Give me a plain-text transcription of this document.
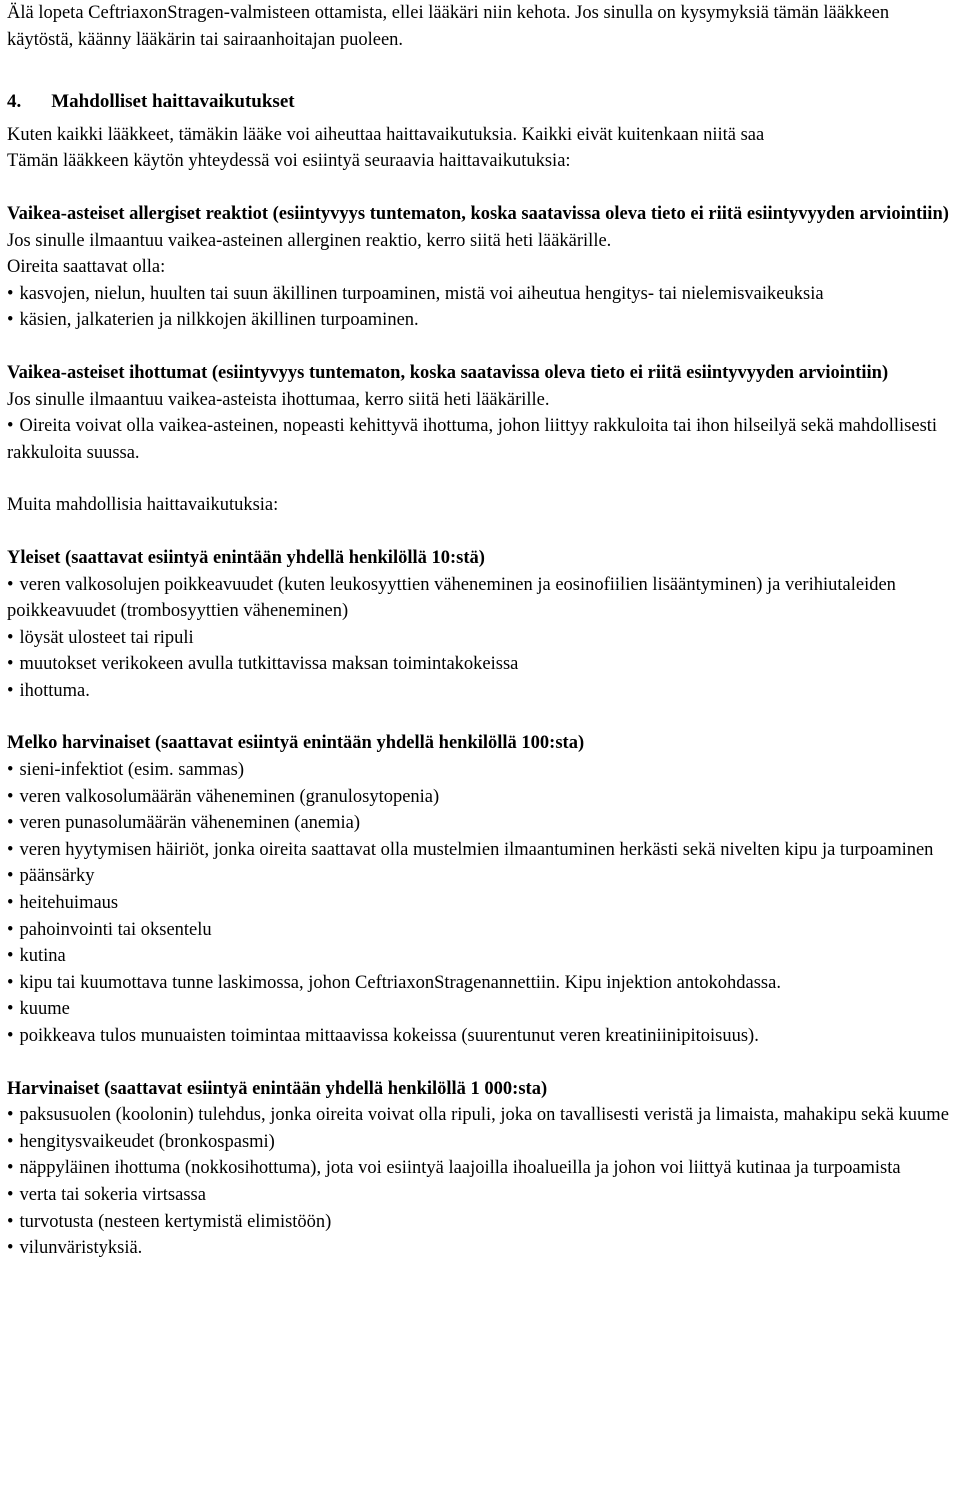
Älä lopeta CeftriaxonStragen-valmisteen ottamista, ellei lääkäri niin kehota. Jos sinulla on kysymyksiä tämän lääkkeen käytöstä, käänny lääkärin tai sairaanhoitajan puoleen.

4. Mahdolliset haittavaikutukset

Kuten kaikki lääkkeet, tämäkin lääke voi aiheuttaa haittavaikutuksia. Kaikki eivät kuitenkaan niitä saa

Tämän lääkkeen käytön yhteydessä voi esiintyä seuraavia haittavaikutuksia:

Vaikea-asteiset allergiset reaktiot (esiintyvyys tuntematon, koska saatavissa oleva tieto ei riitä esiintyvyyden arviointiin)

Jos sinulle ilmaantuu vaikea-asteinen allerginen reaktio, kerro siitä heti lääkärille.

Oireita saattavat olla:

• kasvojen, nielun, huulten tai suun äkillinen turpoaminen, mistä voi aiheutua hengitys- tai nielemisvaikeuksia
• käsien, jalkaterien ja nilkkojen äkillinen turpoaminen.

Vaikea-asteiset ihottumat (esiintyvyys tuntematon, koska saatavissa oleva tieto ei riitä esiintyvyyden arviointiin)

Jos sinulle ilmaantuu vaikea-asteista ihottumaa, kerro siitä heti lääkärille.

• Oireita voivat olla vaikea-asteinen, nopeasti kehittyvä ihottuma, johon liittyy rakkuloita tai ihon hilseilyä sekä mahdollisesti rakkuloita suussa.

Muita mahdollisia haittavaikutuksia:

Yleiset (saattavat esiintyä enintään yhdellä henkilöllä 10:stä)

• veren valkosolujen poikkeavuudet (kuten leukosyyttien väheneminen ja eosinofiilien lisääntyminen) ja verihiutaleiden poikkeavuudet (trombosyyttien väheneminen)
• löysät ulosteet tai ripuli
• muutokset verikokeen avulla tutkittavissa maksan toimintakokeissa
• ihottuma.

Melko harvinaiset (saattavat esiintyä enintään yhdellä henkilöllä 100:sta)

• sieni-infektiot (esim. sammas)
• veren valkosolumäärän väheneminen (granulosytopenia)
• veren punasolumäärän väheneminen (anemia)
• veren hyytymisen häiriöt, jonka oireita saattavat olla mustelmien ilmaantuminen herkästi sekä nivelten kipu ja turpoaminen
• päänsärky
• heitehuimaus
• pahoinvointi tai oksentelu
• kutina
• kipu tai kuumottava tunne laskimossa, johon CeftriaxonStragenannettiin. Kipu injektion antokohdassa.
• kuume
• poikkeava tulos munuaisten toimintaa mittaavissa kokeissa (suurentunut veren kreatiniinipitoisuus).

Harvinaiset (saattavat esiintyä enintään yhdellä henkilöllä 1 000:sta)

• paksusuolen (koolonin) tulehdus, jonka oireita voivat olla ripuli, joka on tavallisesti veristä ja limaista, mahakipu sekä kuume
• hengitysvaikeudet (bronkospasmi)
• näppyläinen ihottuma (nokkosihottuma), jota voi esiintyä laajoilla ihoalueilla ja johon voi liittyä kutinaa ja turpoamista
• verta tai sokeria virtsassa
• turvotusta (nesteen kertymistä elimistöön)
• vilunväristyksiä.
